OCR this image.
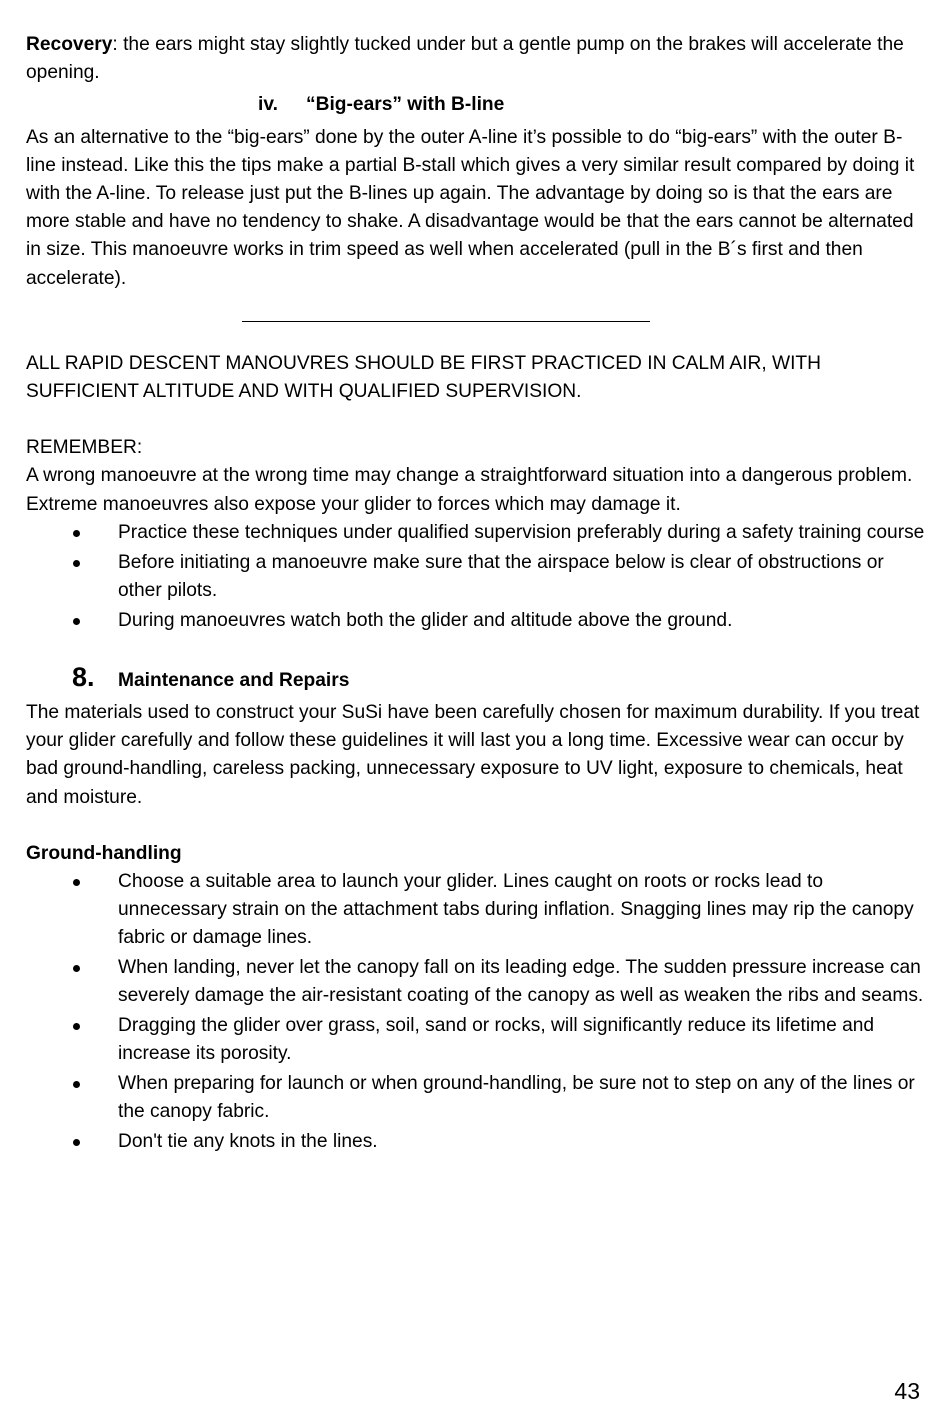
Recovery: the ears might stay slightly tucked under but a gentle pump on the brakes will accelerate the opening.

iv. “Big-ears” with B-line

As an alternative to the “big-ears” done by the outer A-line it’s possible to do “big-ears” with the outer B-line instead. Like this the tips make a partial B-stall which gives a very similar result compared by doing it with the A-line. To release just put the B-lines up again. The advantage by doing so is that the ears are more stable and have no tendency to shake. A disadvantage would be that the ears cannot be alternated in size. This manoeuvre works in trim speed as well when accelerated (pull in the B´s first and then accelerate).

ALL RAPID DESCENT MANOUVRES SHOULD BE FIRST PRACTICED IN CALM AIR, WITH SUFFICIENT ALTITUDE AND WITH QUALIFIED SUPERVISION.

REMEMBER:

A wrong manoeuvre at the wrong time may change a straightforward situation into a dangerous problem. Extreme manoeuvres also expose your glider to forces which may damage it.

Practice these techniques under qualified supervision preferably during a safety training course
Before initiating a manoeuvre make sure that the airspace below is clear of obstructions or other pilots.
During manoeuvres watch both the glider and altitude above the ground.
8.	Maintenance and Repairs

The materials used to construct your SuSi have been carefully chosen for maximum durability. If you treat your glider carefully and follow these guidelines it will last you a long time. Excessive wear can occur by bad ground-handling, careless packing, unnecessary exposure to UV light, exposure to chemicals, heat and moisture.

Ground-handling

Choose a suitable area to launch your glider. Lines caught on roots or rocks lead to unnecessary strain on the attachment tabs during inflation. Snagging lines may rip the canopy fabric or damage lines.
When landing, never let the canopy fall on its leading edge. The sudden pressure increase can severely damage the air-resistant coating of the canopy as well as weaken the ribs and seams.
Dragging the glider over grass, soil, sand or rocks, will significantly reduce its lifetime and increase its porosity.
When preparing for launch or when ground-handling, be sure not to step on any of the lines or the canopy fabric.
Don't tie any knots in the lines.
43
